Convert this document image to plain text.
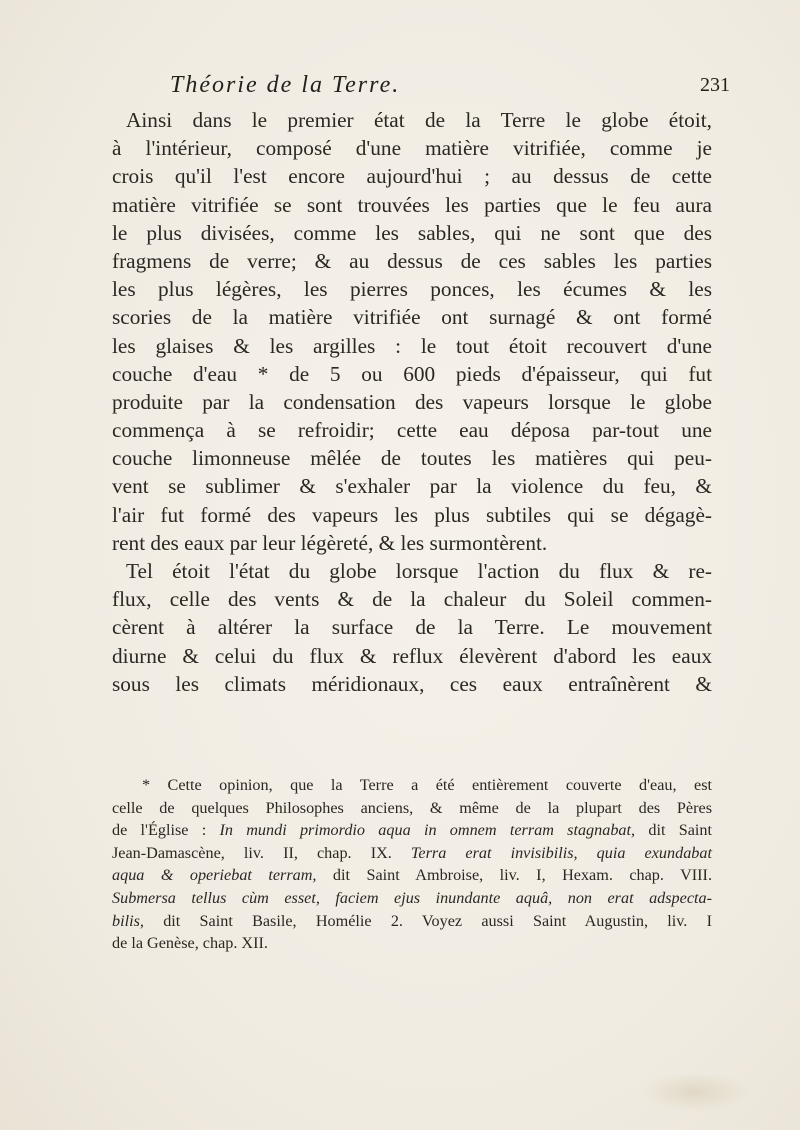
Théorie de la Terre.	231
Ainsi dans le premier état de la Terre le globe étoit,
à l'intérieur, composé d'une matière vitrifiée, comme je
crois qu'il l'est encore aujourd'hui ; au dessus de cette
matière vitrifiée se sont trouvées les parties que le feu aura
le plus divisées, comme les sables, qui ne sont que des
fragmens de verre; & au dessus de ces sables les parties
les plus légères, les pierres ponces, les écumes & les
scories de la matière vitrifiée ont surnagé & ont formé
les glaises & les argilles : le tout étoit recouvert d'une
couche d'eau * de 5 ou 600 pieds d'épaisseur, qui fut
produite par la condensation des vapeurs lorsque le globe
commença à se refroidir; cette eau déposa par-tout une
couche limonneuse mêlée de toutes les matières qui peu-
vent se sublimer & s'exhaler par la violence du feu, &
l'air fut formé des vapeurs les plus subtiles qui se dégagè-
rent des eaux par leur légèreté, & les surmontèrent.
Tel étoit l'état du globe lorsque l'action du flux & re-
flux, celle des vents & de la chaleur du Soleil commen-
cèrent à altérer la surface de la Terre. Le mouvement
diurne & celui du flux & reflux élevèrent d'abord les eaux
sous les climats méridionaux, ces eaux entraînèrent &
* Cette opinion, que la Terre a été entièrement couverte d'eau, est
celle de quelques Philosophes anciens, & même de la plupart des Pères
de l'Église : In mundi primordio aqua in omnem terram stagnabat, dit Saint
Jean-Damascène, liv. II, chap. IX. Terra erat invisibilis, quia exundabat
aqua & operiebat terram, dit Saint Ambroise, liv. I, Hexam. chap. VIII.
Submersa tellus cùm esset, faciem ejus inundante aquâ, non erat adspecta-
bilis, dit Saint Basile, Homélie 2. Voyez aussi Saint Augustin, liv. I
de la Genèse, chap. XII.
